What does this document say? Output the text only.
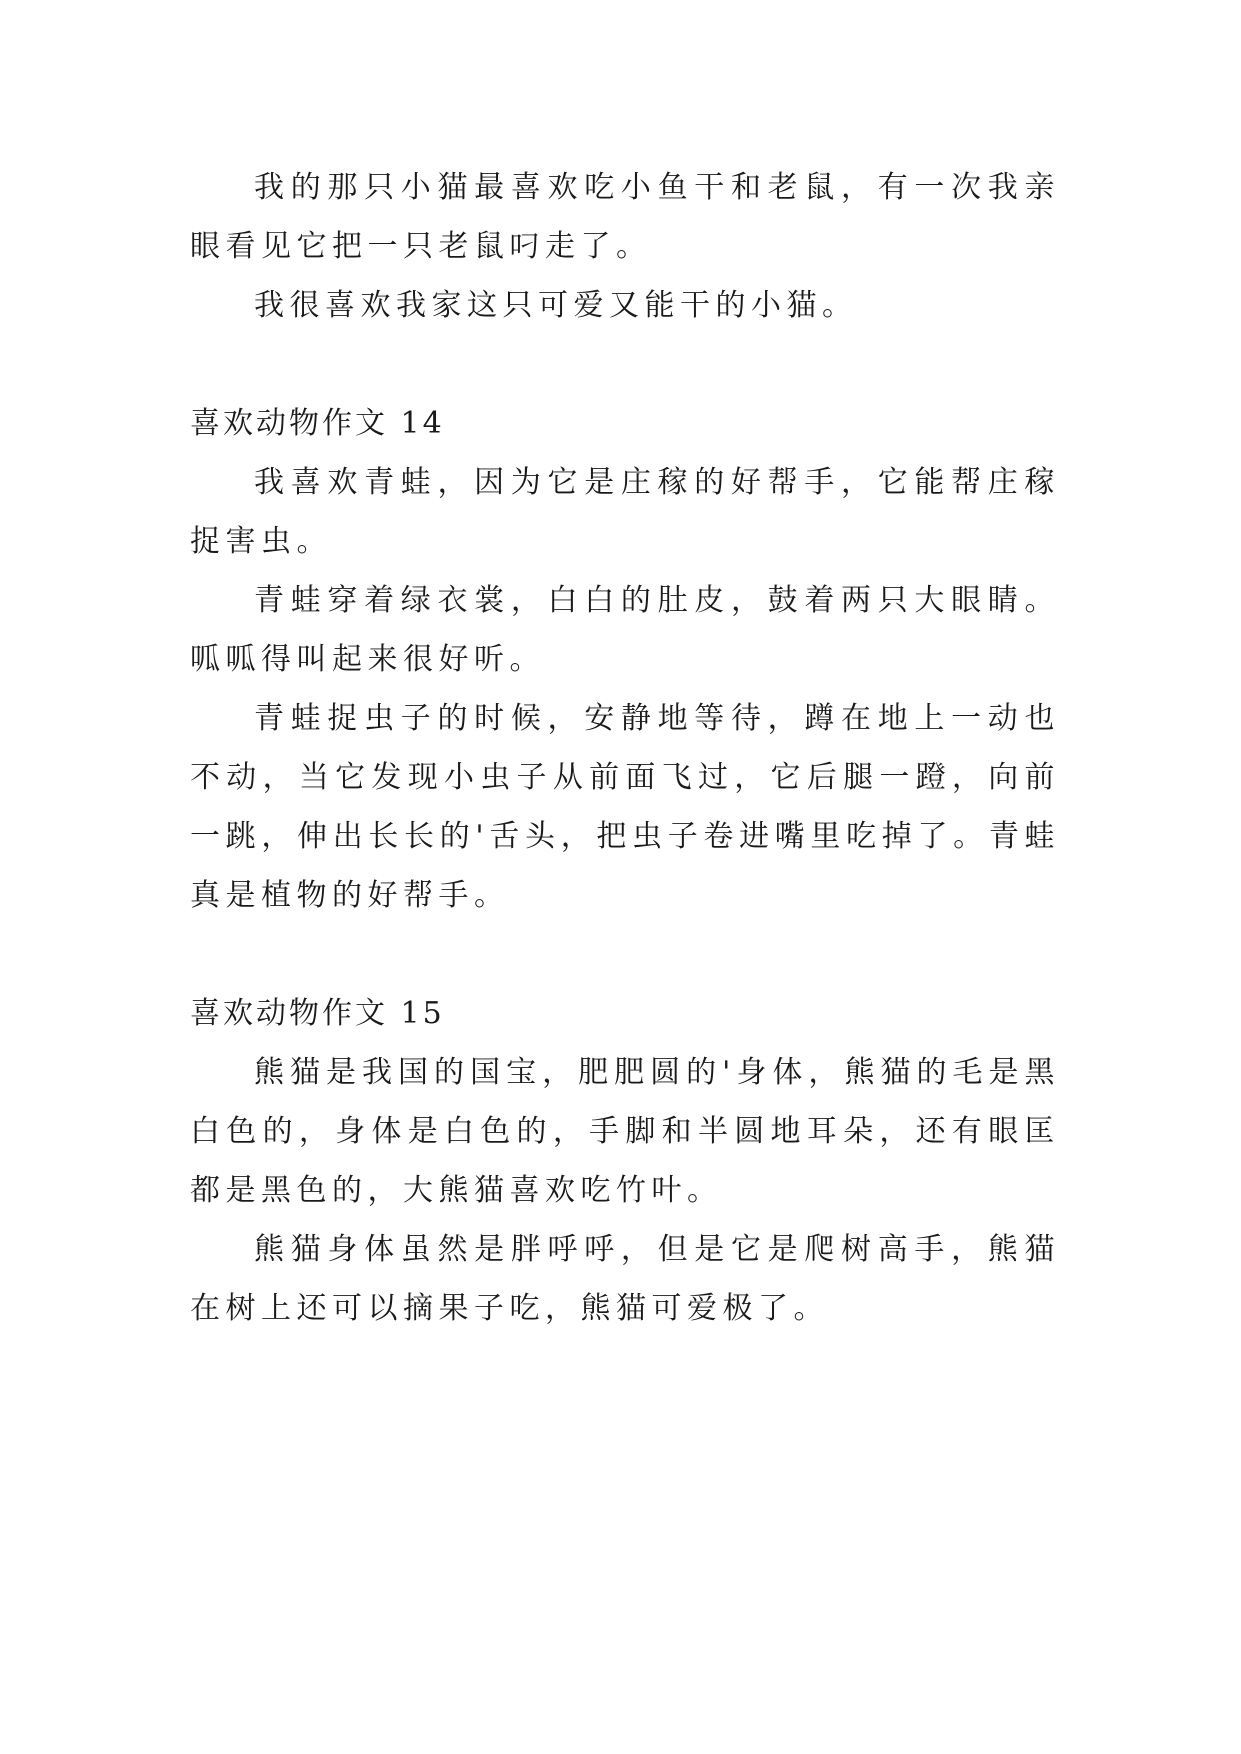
我的那只小猫最喜欢吃小鱼干和老鼠，有一次我亲眼看见它把一只老鼠叼走了。

我很喜欢我家这只可爱又能干的小猫。

喜欢动物作文 14

我喜欢青蛙，因为它是庄稼的好帮手，它能帮庄稼捉害虫。

青蛙穿着绿衣裳，白白的肚皮，鼓着两只大眼睛。呱呱得叫起来很好听。

青蛙捉虫子的时候，安静地等待，蹲在地上一动也不动，当它发现小虫子从前面飞过，它后腿一蹬，向前一跳，伸出长长的'舌头，把虫子卷进嘴里吃掉了。青蛙真是植物的好帮手。

喜欢动物作文 15

熊猫是我国的国宝，肥肥圆的'身体，熊猫的毛是黑白色的，身体是白色的，手脚和半圆地耳朵，还有眼匡都是黑色的，大熊猫喜欢吃竹叶。

熊猫身体虽然是胖呼呼，但是它是爬树高手，熊猫在树上还可以摘果子吃，熊猫可爱极了。
